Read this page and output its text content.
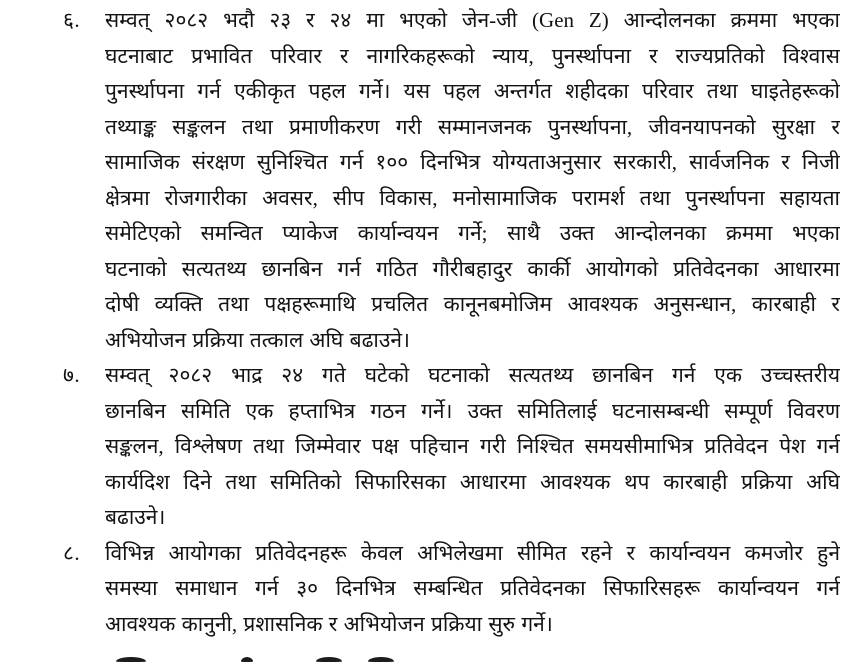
६.	सम्वत् २०८२ भदौ २३ र २४ मा भएको जेन-जी (Gen Z) आन्दोलनका क्रममा भएका
घटनाबाट प्रभावित परिवार र नागरिकहरूको न्याय, पुनर्स्थापना र राज्यप्रतिको विश्वास
पुनर्स्थापना गर्न एकीकृत पहल गर्ने। यस पहल अन्तर्गत शहीदका परिवार तथा घाइतेहरूको
तथ्याङ्क सङ्कलन तथा प्रमाणीकरण गरी सम्मानजनक पुनर्स्थापना, जीवनयापनको सुरक्षा र
सामाजिक संरक्षण सुनिश्चित गर्न १०० दिनभित्र योग्यताअनुसार सरकारी, सार्वजनिक र निजी
क्षेत्रमा रोजगारीका अवसर, सीप विकास, मनोसामाजिक परामर्श तथा पुनर्स्थापना सहायता
समेटिएको समन्वित प्याकेज कार्यान्वयन गर्ने; साथै उक्त आन्दोलनका क्रममा भएका
घटनाको सत्यतथ्य छानबिन गर्न गठित गौरीबहादुर कार्की आयोगको प्रतिवेदनका आधारमा
दोषी व्यक्ति तथा पक्षहरूमाथि प्रचलित कानूनबमोजिम आवश्यक अनुसन्धान, कारबाही र
अभियोजन प्रक्रिया तत्काल अघि बढाउने।
७.	सम्वत् २०८२ भाद्र २४ गते घटेको घटनाको सत्यतथ्य छानबिन गर्न एक उच्चस्तरीय
छानबिन समिति एक हप्ताभित्र गठन गर्ने। उक्त समितिलाई घटनासम्बन्धी सम्पूर्ण विवरण
सङ्कलन, विश्लेषण तथा जिम्मेवार पक्ष पहिचान गरी निश्चित समयसीमाभित्र प्रतिवेदन पेश गर्न
कार्यदिश दिने तथा समितिको सिफारिसका आधारमा आवश्यक थप कारबाही प्रक्रिया अघि
बढाउने।
८.	विभिन्न आयोगका प्रतिवेदनहरू केवल अभिलेखमा सीमित रहने र कार्यान्वयन कमजोर हुने
समस्या समाधान गर्न ३० दिनभित्र सम्बन्धित प्रतिवेदनका सिफारिसहरू कार्यान्वयन गर्न
आवश्यक कानुनी, प्रशासनिक र अभियोजन प्रक्रिया सुरु गर्ने।
